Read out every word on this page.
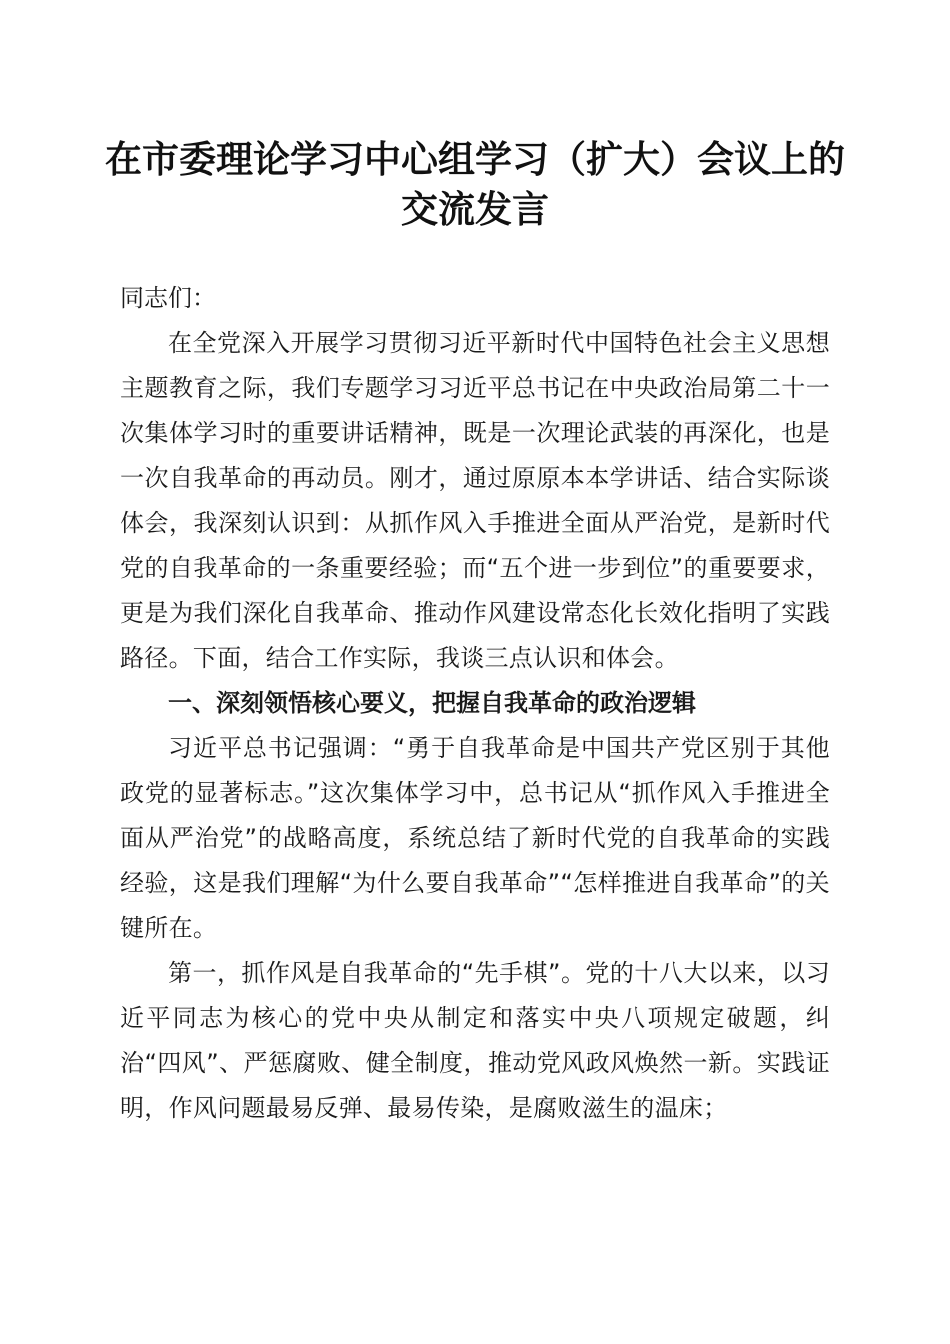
在市委理论学习中心组学习（扩大）会议上的
交流发言

同志们：

在全党深入开展学习贯彻习近平新时代中国特色社会主义思想主题教育之际，我们专题学习习近平总书记在中央政治局第二十一次集体学习时的重要讲话精神，既是一次理论武装的再深化，也是一次自我革命的再动员。刚才，通过原原本本学讲话、结合实际谈体会，我深刻认识到：从抓作风入手推进全面从严治党，是新时代党的自我革命的一条重要经验；而“五个进一步到位”的重要要求，更是为我们深化自我革命、推动作风建设常态化长效化指明了实践路径。下面，结合工作实际，我谈三点认识和体会。

一、深刻领悟核心要义，把握自我革命的政治逻辑

习近平总书记强调：“勇于自我革命是中国共产党区别于其他政党的显著标志。”这次集体学习中，总书记从“抓作风入手推进全面从严治党”的战略高度，系统总结了新时代党的自我革命的实践经验，这是我们理解“为什么要自我革命”“怎样推进自我革命”的关键所在。

第一，抓作风是自我革命的“先手棋”。党的十八大以来，以习近平同志为核心的党中央从制定和落实中央八项规定破题，纠治“四风”、严惩腐败、健全制度，推动党风政风焕然一新。实践证明，作风问题最易反弹、最易传染，是腐败滋生的温床；
